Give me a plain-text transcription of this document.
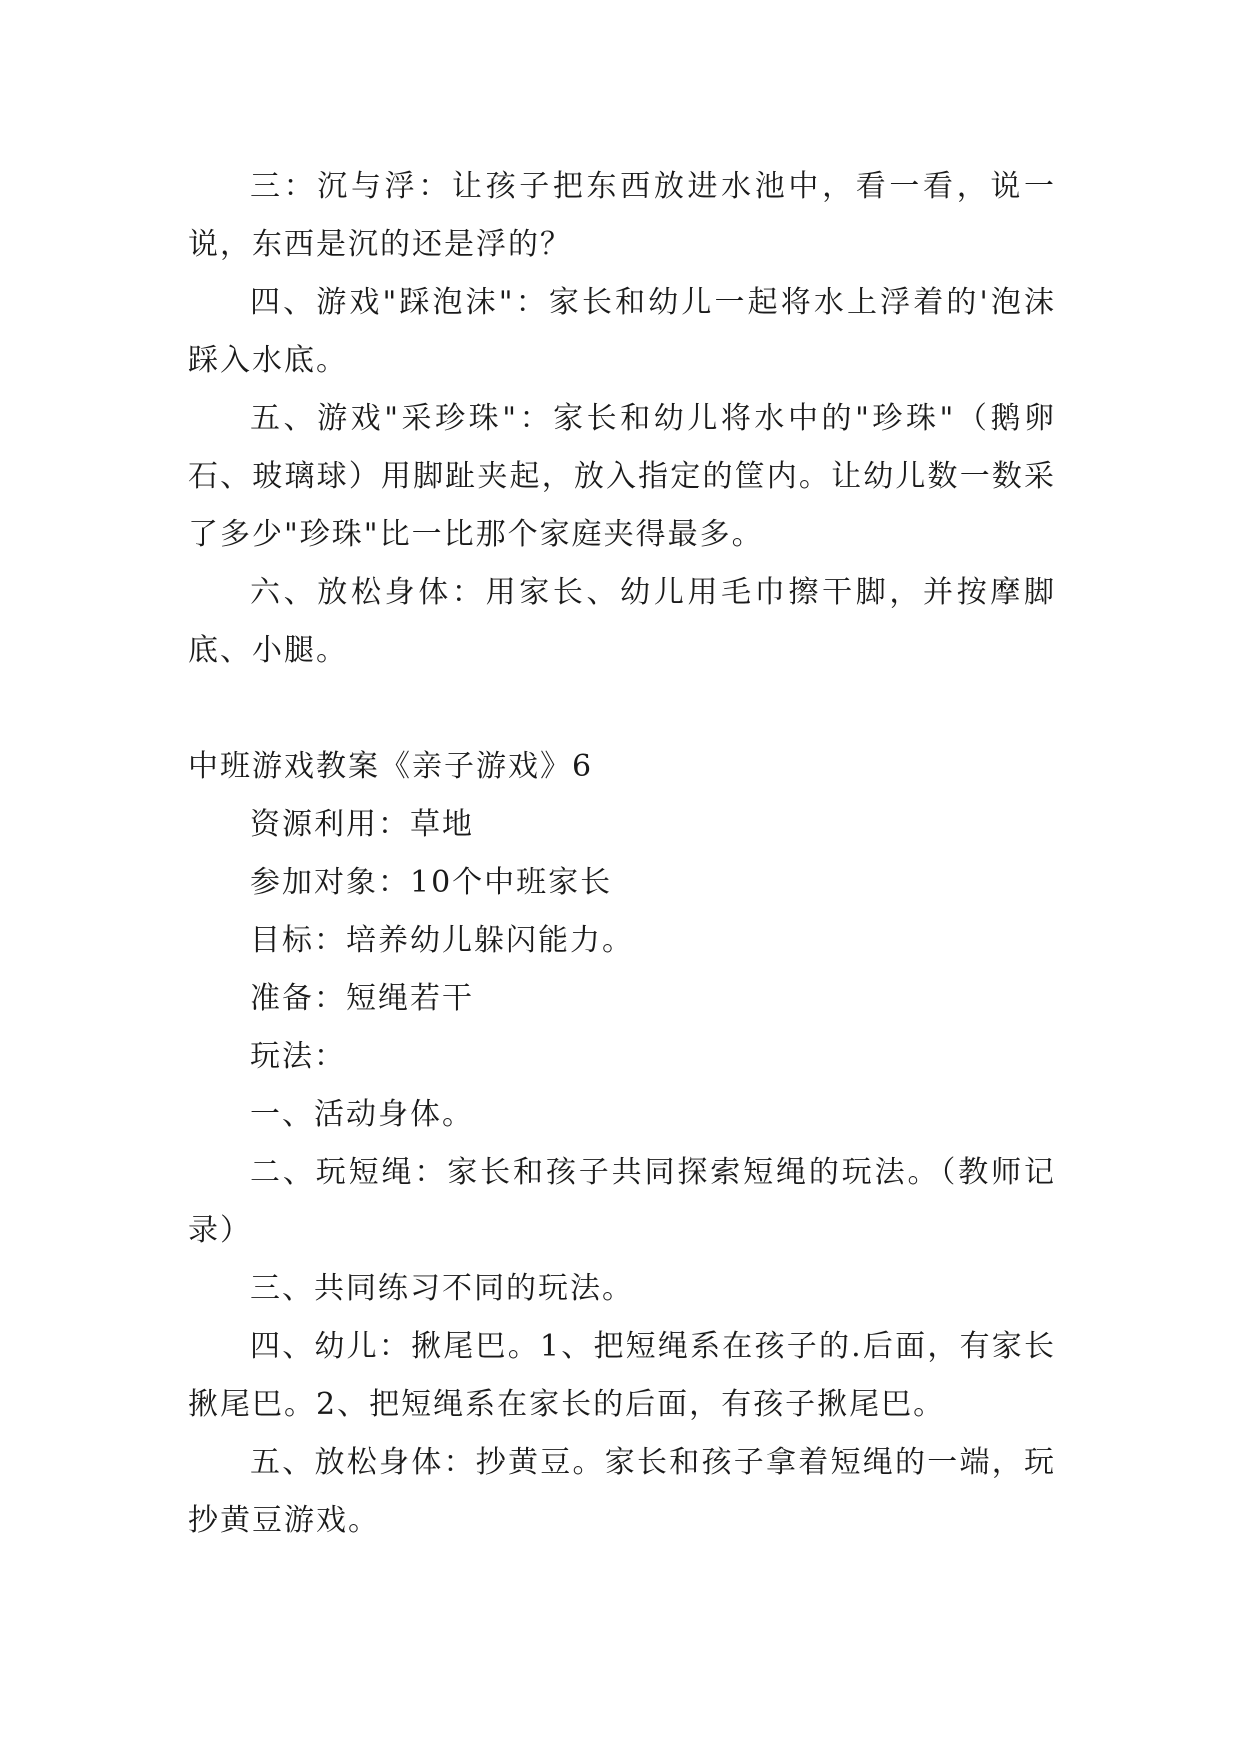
三：沉与浮：让孩子把东西放进水池中，看一看，说一说，东西是沉的还是浮的？

四、游戏"踩泡沫"：家长和幼儿一起将水上浮着的'泡沫踩入水底。

五、游戏"采珍珠"：家长和幼儿将水中的"珍珠"（鹅卵石、玻璃球）用脚趾夹起，放入指定的筐内。让幼儿数一数采了多少"珍珠"比一比那个家庭夹得最多。

六、放松身体：用家长、幼儿用毛巾擦干脚，并按摩脚底、小腿。

中班游戏教案《亲子游戏》6

资源利用：草地

参加对象：10个中班家长

目标：培养幼儿躲闪能力。

准备：短绳若干

玩法：

一、活动身体。

二、玩短绳：家长和孩子共同探索短绳的玩法。（教师记录）

三、共同练习不同的玩法。

四、幼儿：揪尾巴。1、把短绳系在孩子的.后面，有家长揪尾巴。2、把短绳系在家长的后面，有孩子揪尾巴。

五、放松身体：抄黄豆。家长和孩子拿着短绳的一端，玩抄黄豆游戏。
